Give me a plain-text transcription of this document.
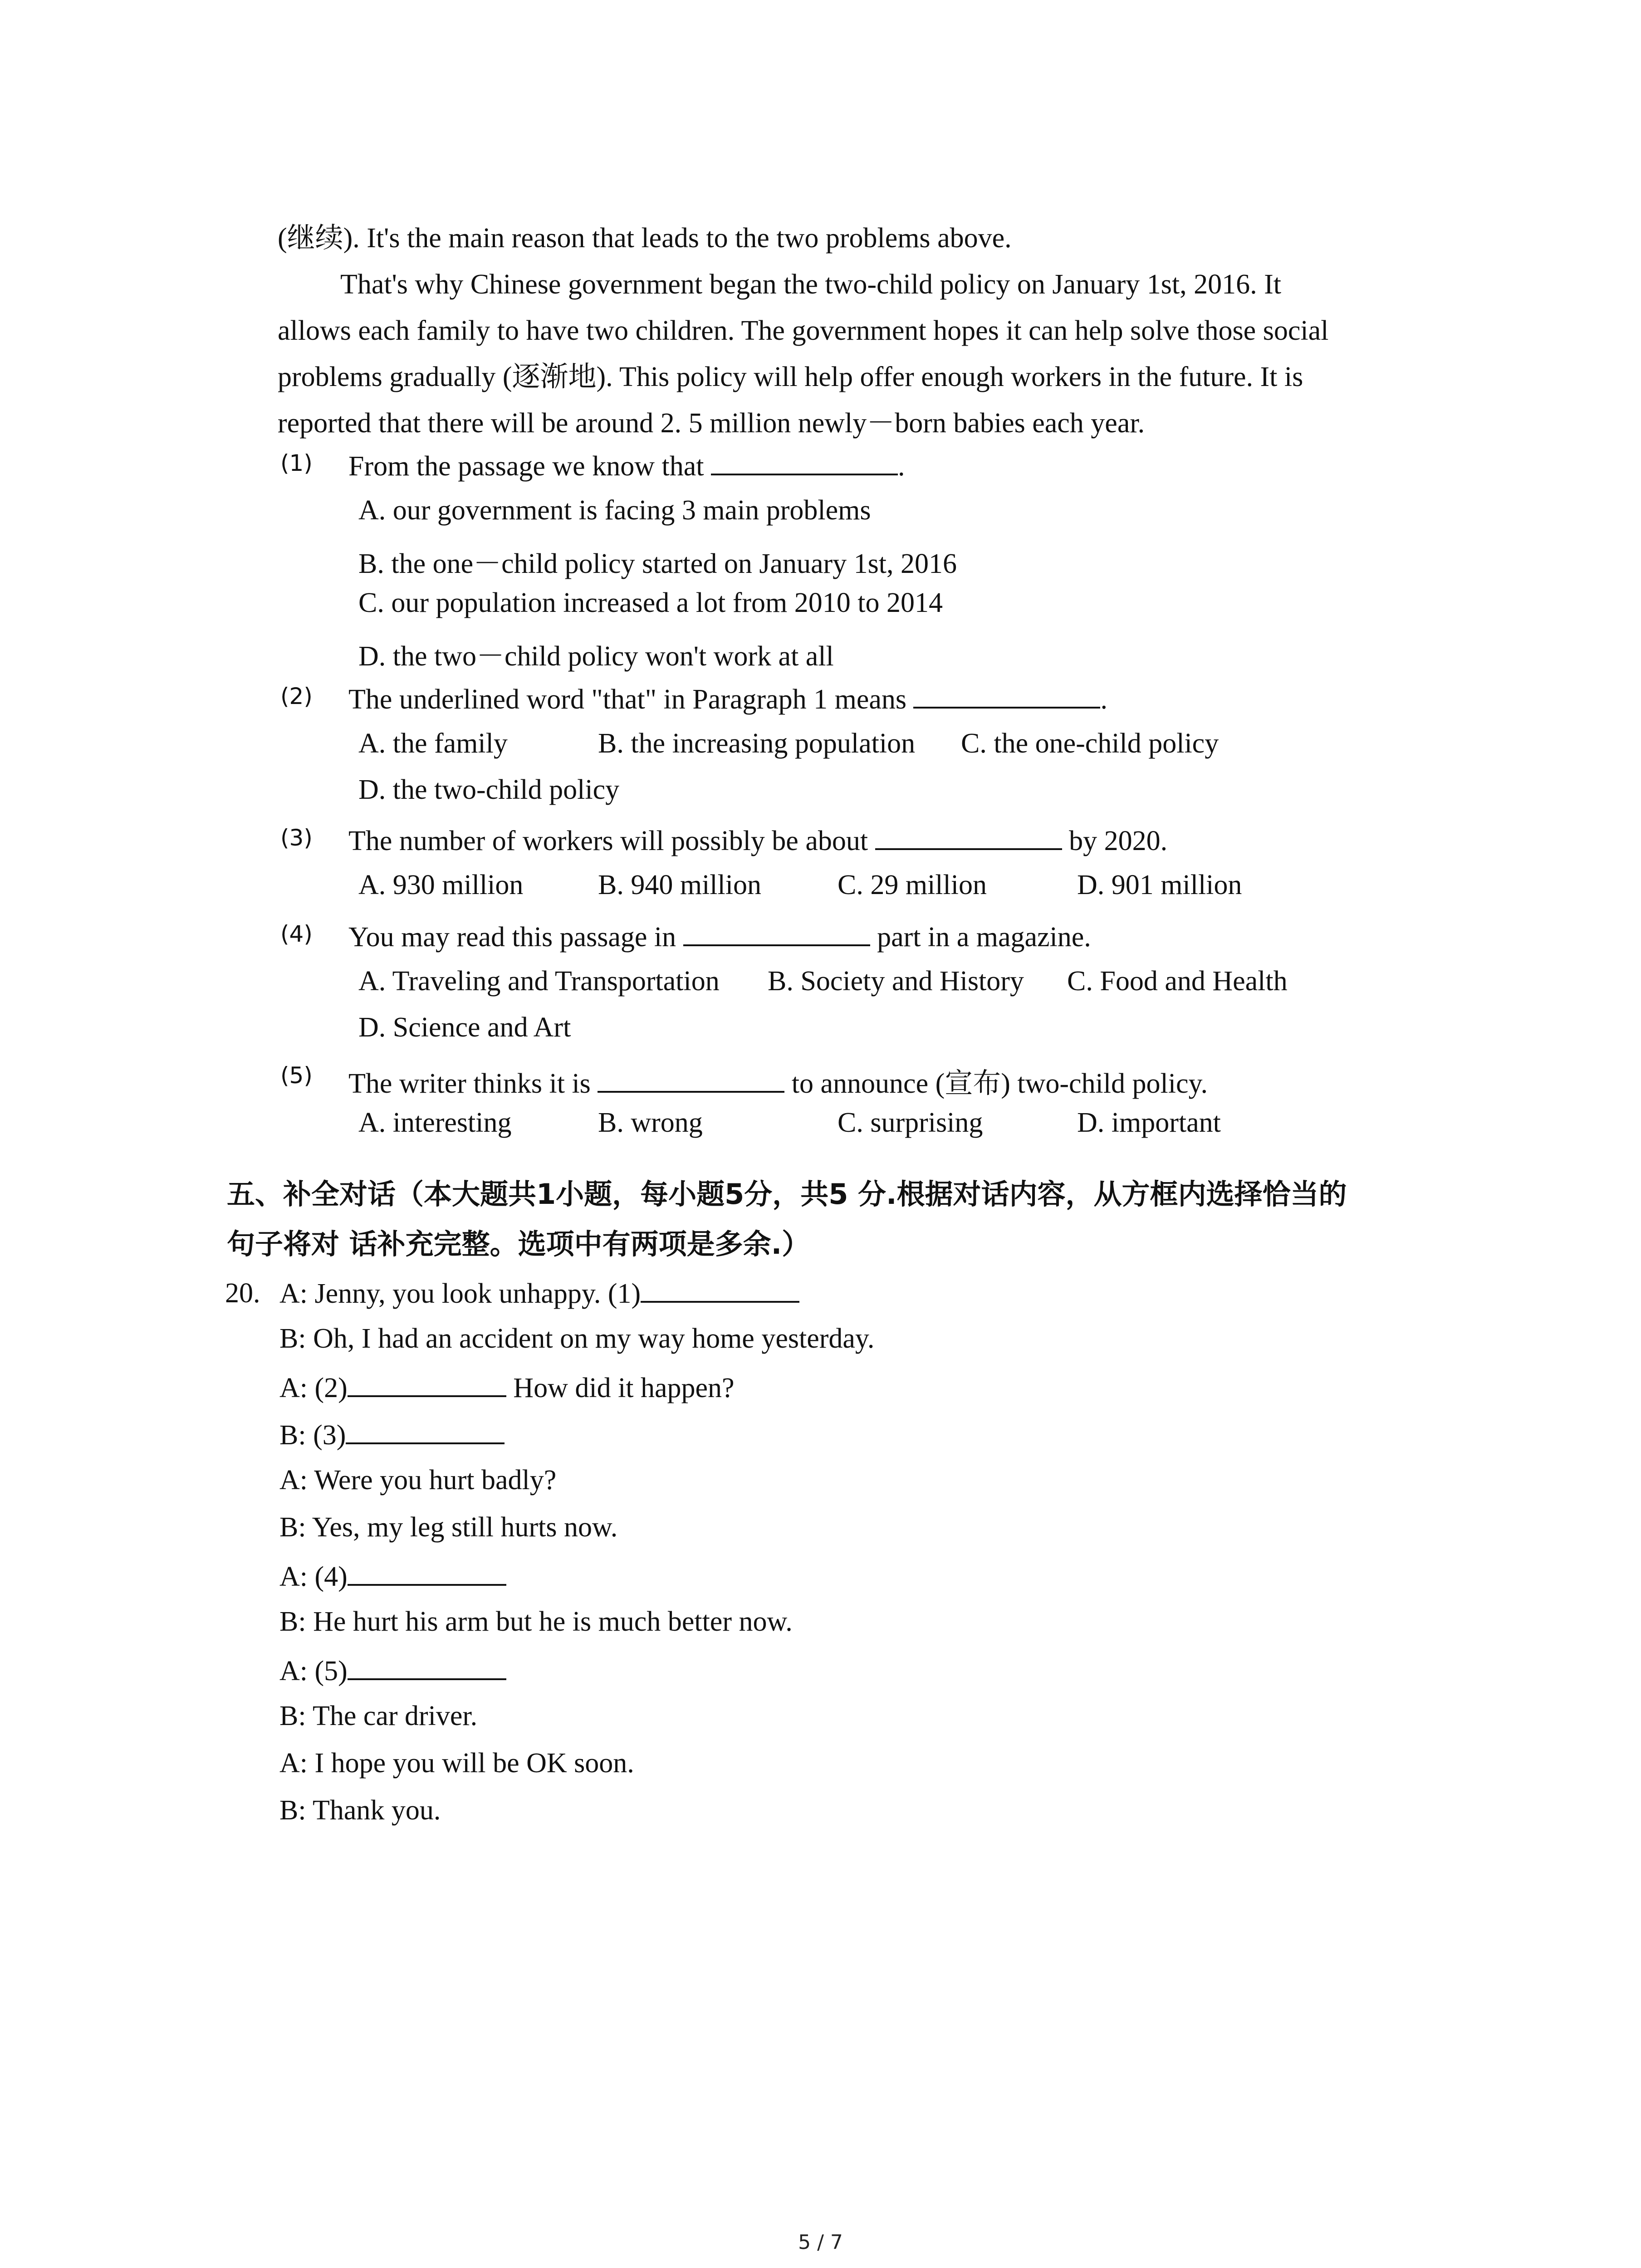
(继续). It's the main reason that leads to the two problems above.
That's why Chinese government began the two-child policy on January 1st, 2016. It
allows each family to have two children. The government hopes it can help solve those social
problems gradually (逐渐地). This policy will help offer enough workers in the future. It is
reported that there will be around 2. 5 million newly－born babies each year.
(1) From the passage we know that	.
A. our government is facing 3 main problems
B. the one－child policy started on January 1st, 2016
C. our population increased a lot from 2010 to 2014
D. the two－child policy won't work at all
(2) The underlined word "that" in Paragraph 1 means	.
A. the family	B. the increasing population C. the one-child policy
D. the two-child policy
(3) The number of workers will possibly be about	by 2020.
A. 930 million	B. 940 million	C. 29 million	D. 901 million
(4) You may read this passage in	part in a magazine.
A. Traveling and Transportation B. Society and History C. Food and Health
D. Science and Art
(5) The writer thinks it is	to announce (宣布) two-child policy.
A. interesting	B. wrong	C. surprising	D. important
五、补全对话（本大题共1小题，每小题5分，共5 分.根据对话内容，从方框内选择恰当的
句子将对 话补充完整。选项中有两项是多余.）
20. A: Jenny, you look unhappy. (1)
B: Oh, I had an accident on my way home yesterday.
A: (2)	How did it happen?
B: (3)
A: Were you hurt badly?
B: Yes, my leg still hurts now.
A: (4)
B: He hurt his arm but he is much better now.
A: (5)
B: The car driver.
A: I hope you will be OK soon.
B: Thank you.
5 / 7
